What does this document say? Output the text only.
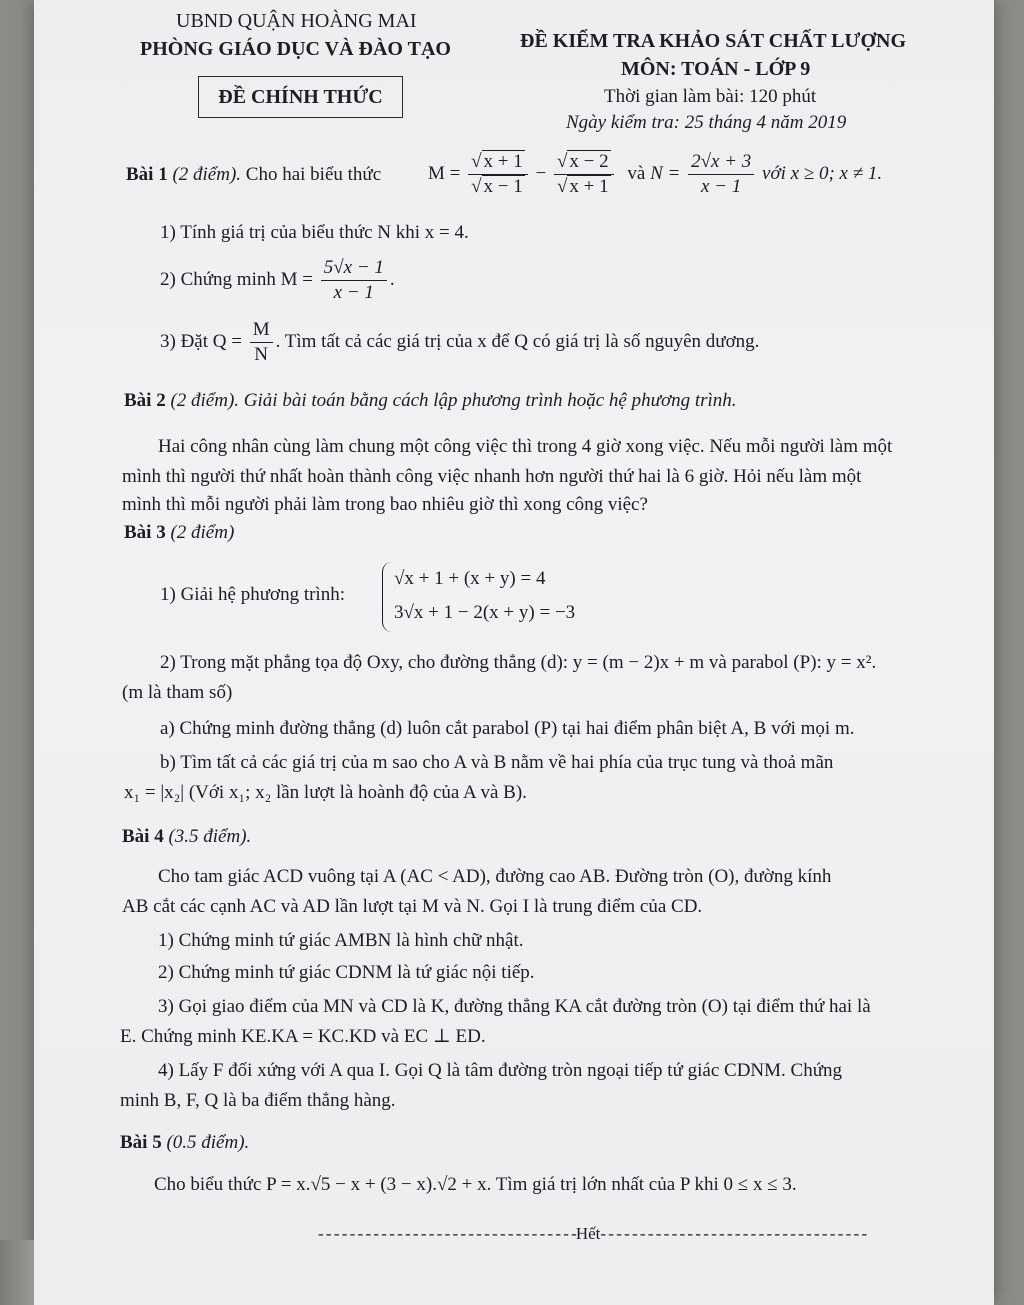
UBND QUẬN HOÀNG MAI
PHÒNG GIÁO DỤC VÀ ĐÀO TẠO
ĐỀ CHÍNH THỨC
ĐỀ KIỂM TRA KHẢO SÁT CHẤT LƯỢNG
MÔN: TOÁN - LỚP 9
Thời gian làm bài: 120 phút
Ngày kiểm tra: 25 tháng 4 năm 2019
Bài 1 (2 điểm). Cho hai biểu thức $M = \frac{√ x + 1}{√ x - 1} - \frac{√ x - 2}{√ x + 1}$ và $N = \frac{2√x + 3}{x - 1}$ với x ≥ 0; x ≠ 1.
1) Tính giá trị của biểu thức N khi x = 4.
2) Chứng minh $M = \frac{5√x - 1}{x - 1}$ .
3) Đặt $Q = \frac{M}{N}$ . Tìm tất cả các giá trị của x để Q có giá trị là số nguyên dương.
Bài 2 (2 điểm). Giải bài toán bằng cách lập phương trình hoặc hệ phương trình.
Hai công nhân cùng làm chung một công việc thì trong 4 giờ xong việc. Nếu mỗi người làm một
mình thì người thứ nhất hoàn thành công việc nhanh hơn người thứ hai là 6 giờ. Hỏi nếu làm một
mình thì mỗi người phải làm trong bao nhiêu giờ thì xong công việc?
Bài 3 (2 điểm)
1) Giải hệ phương trình:
√x + 1 + (x + y) = 4
3√x + 1 − 2(x + y) = −3
2) Trong mặt phẳng tọa độ Oxy, cho đường thẳng (d): y = (m − 2)x + m và parabol (P): y = x².
(m là tham số)
a) Chứng minh đường thẳng (d) luôn cắt parabol (P) tại hai điểm phân biệt A, B với mọi m.
b) Tìm tất cả các giá trị của m sao cho A và B nằm về hai phía của trục tung và thoả mãn
x₁ = |x₂| (Với x₁; x₂ lần lượt là hoành độ của A và B).
Bài 4 (3.5 điểm).
Cho tam giác ACD vuông tại A (AC < AD), đường cao AB. Đường tròn (O), đường kính
AB cắt các cạnh AC và AD lần lượt tại M và N. Gọi I là trung điểm của CD.
1) Chứng minh tứ giác AMBN là hình chữ nhật.
2) Chứng minh tứ giác CDNM là tứ giác nội tiếp.
3) Gọi giao điểm của MN và CD là K, đường thẳng KA cắt đường tròn (O) tại điểm thứ hai là
E. Chứng minh KE.KA = KC.KD và EC ⊥ ED.
4) Lấy F đối xứng với A qua I. Gọi Q là tâm đường tròn ngoại tiếp tứ giác CDNM. Chứng
minh B, F, Q là ba điểm thẳng hàng.
Bài 5 (0.5 điểm).
Cho biểu thức P = x.√5 − x + (3 − x).√2 + x. Tìm giá trị lớn nhất của P khi 0 ≤ x ≤ 3.
- - - - - - - - - - - - - - - - - - - - - - - - - - - - - - - - -Hết- - - - - - - - - - - - - - - - - - - - - - - - - - - - - - - - - -
